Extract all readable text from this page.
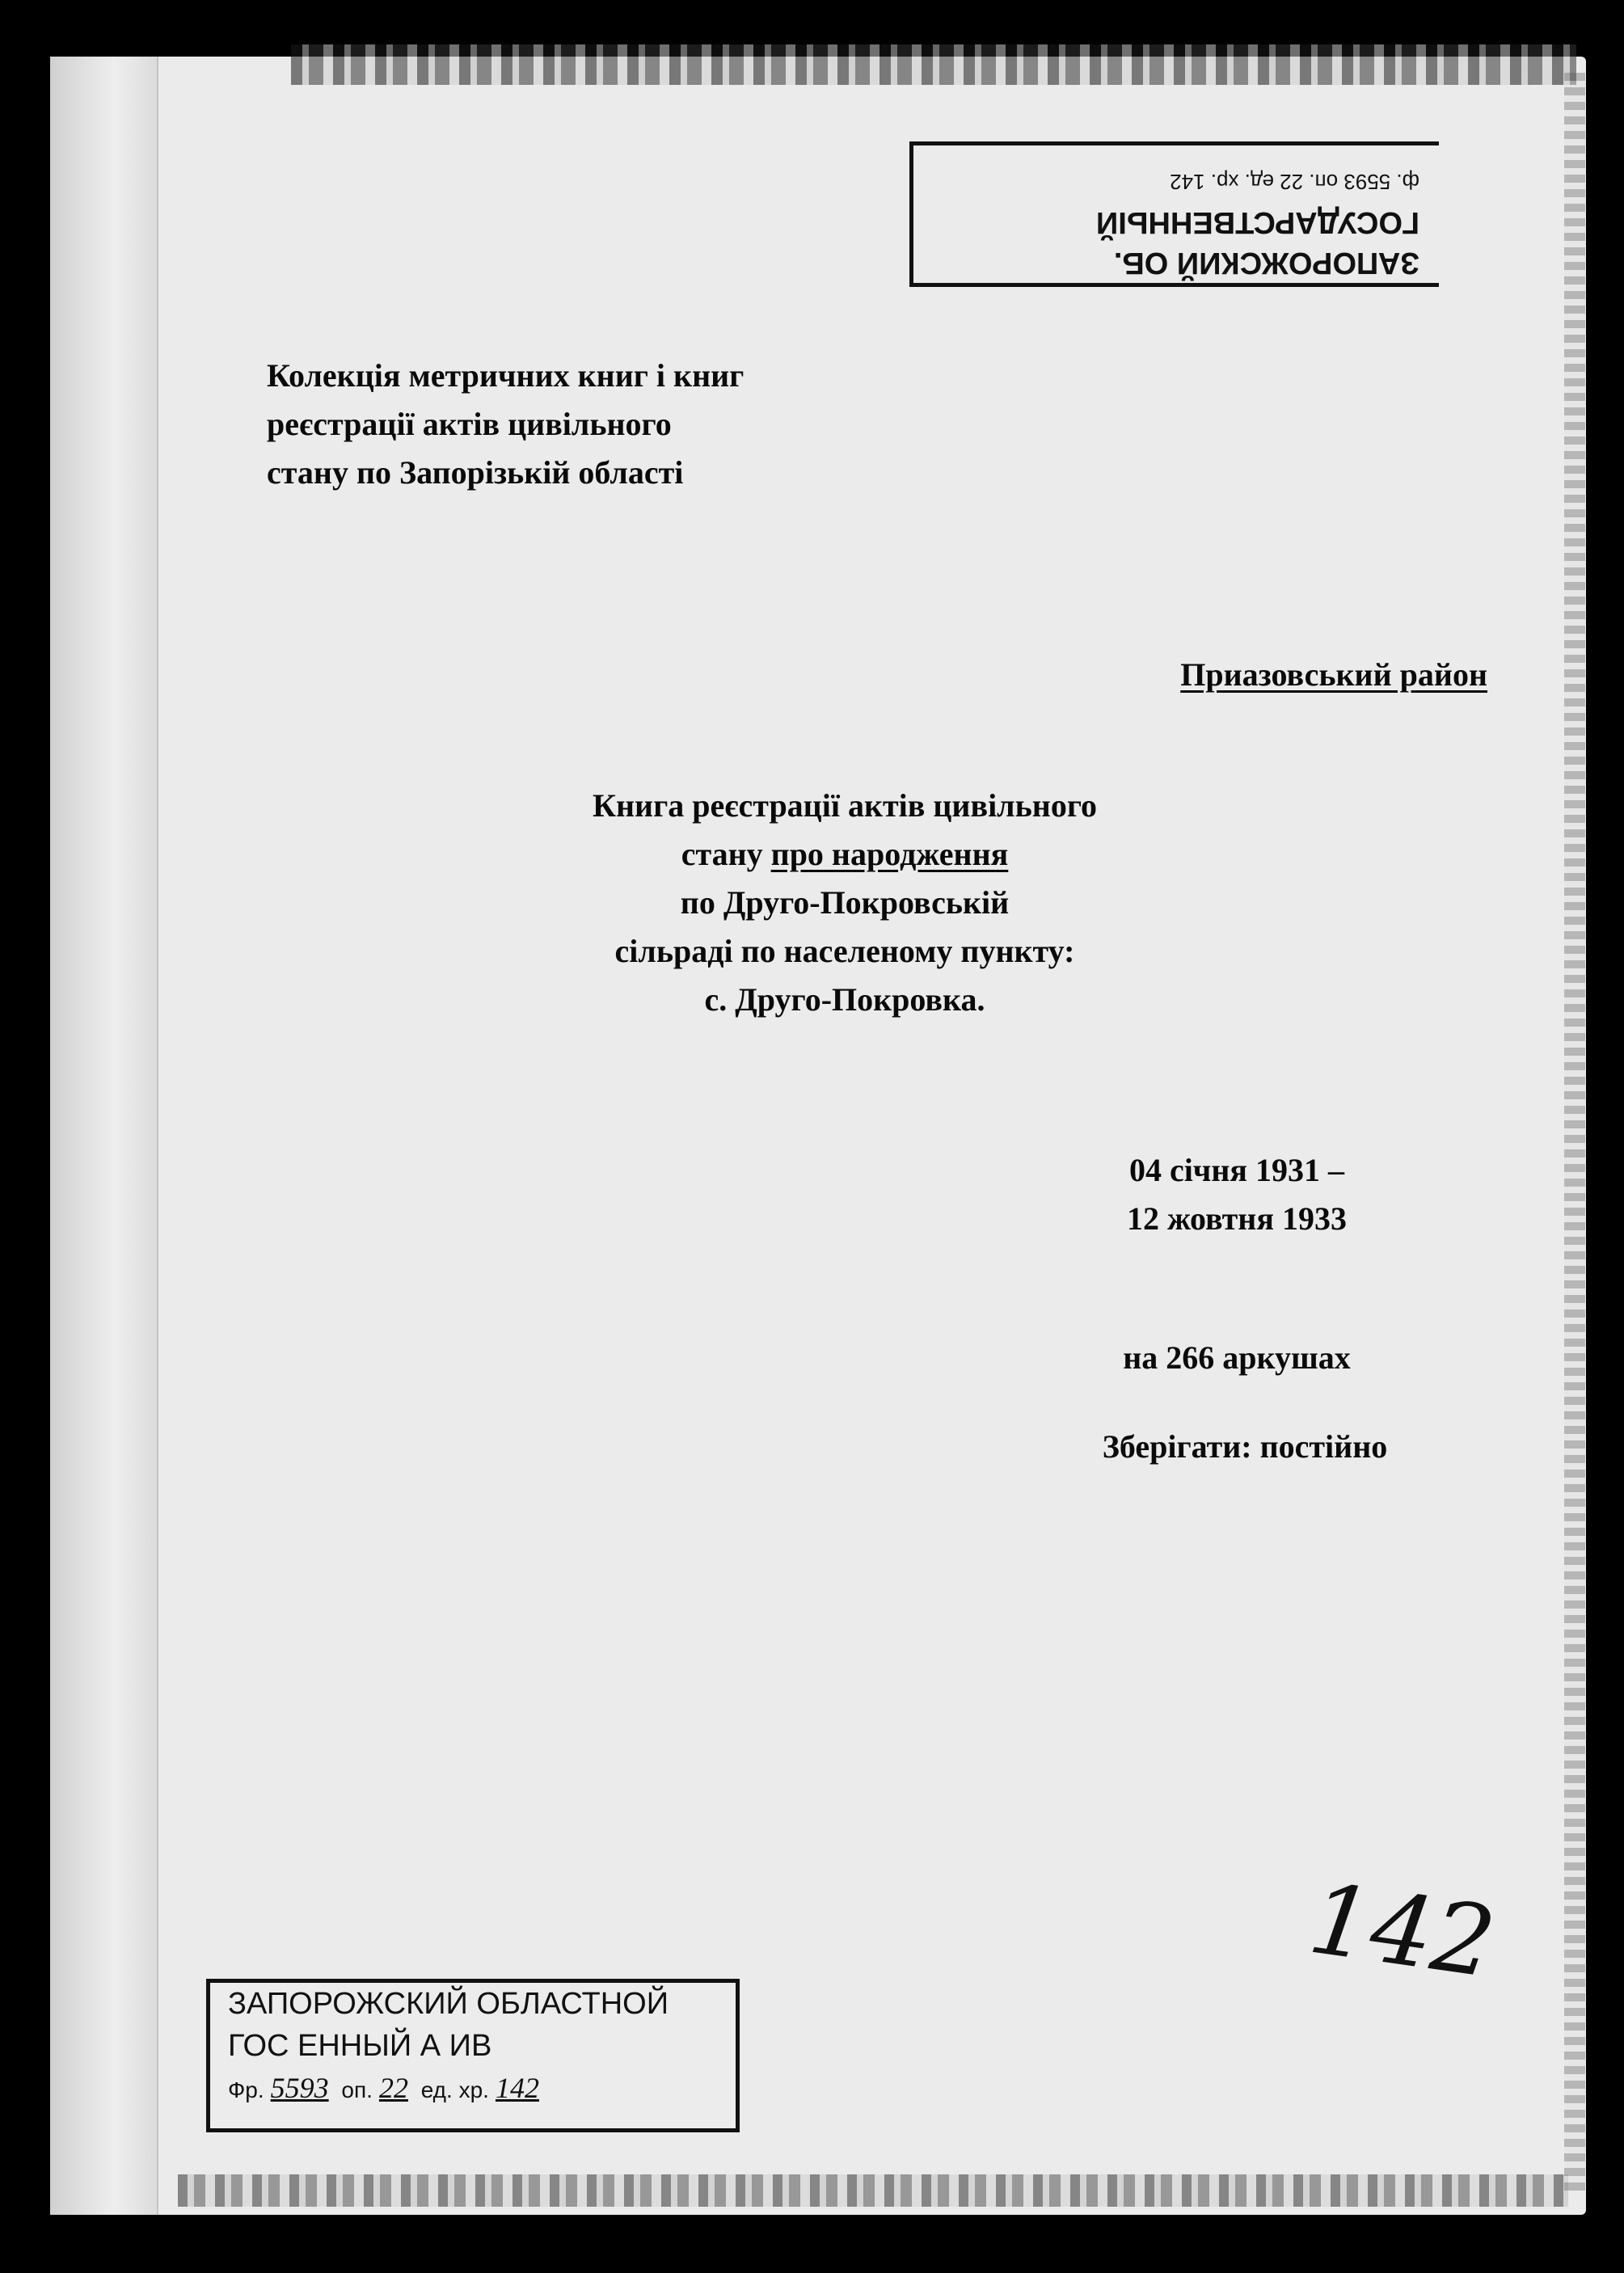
ЗАПОРОЖСКИЙ ОБ.
ГОСУДАРСТВЕННЫЙ
ф. 5593 оп. 22 ед. хр. 142
Колекція метричних книг і книг
реєстрації актів цивільного
стану по Запорізькій області
Приазовський район
Книга реєстрації актів цивільного
стану про народження
по Друго-Покровській
сільраді по населеному пункту:
с. Друго-Покровка.
04 січня 1931 –
12 жовтня 1933
на 266 аркушах
Зберігати: постійно
142
ЗАПОРОЖСКИЙ ОБЛАСТНОЙ
ГОС ЕННЫЙ А ИВ
Фр. 5593 оп. 22 ед. хр. 142
